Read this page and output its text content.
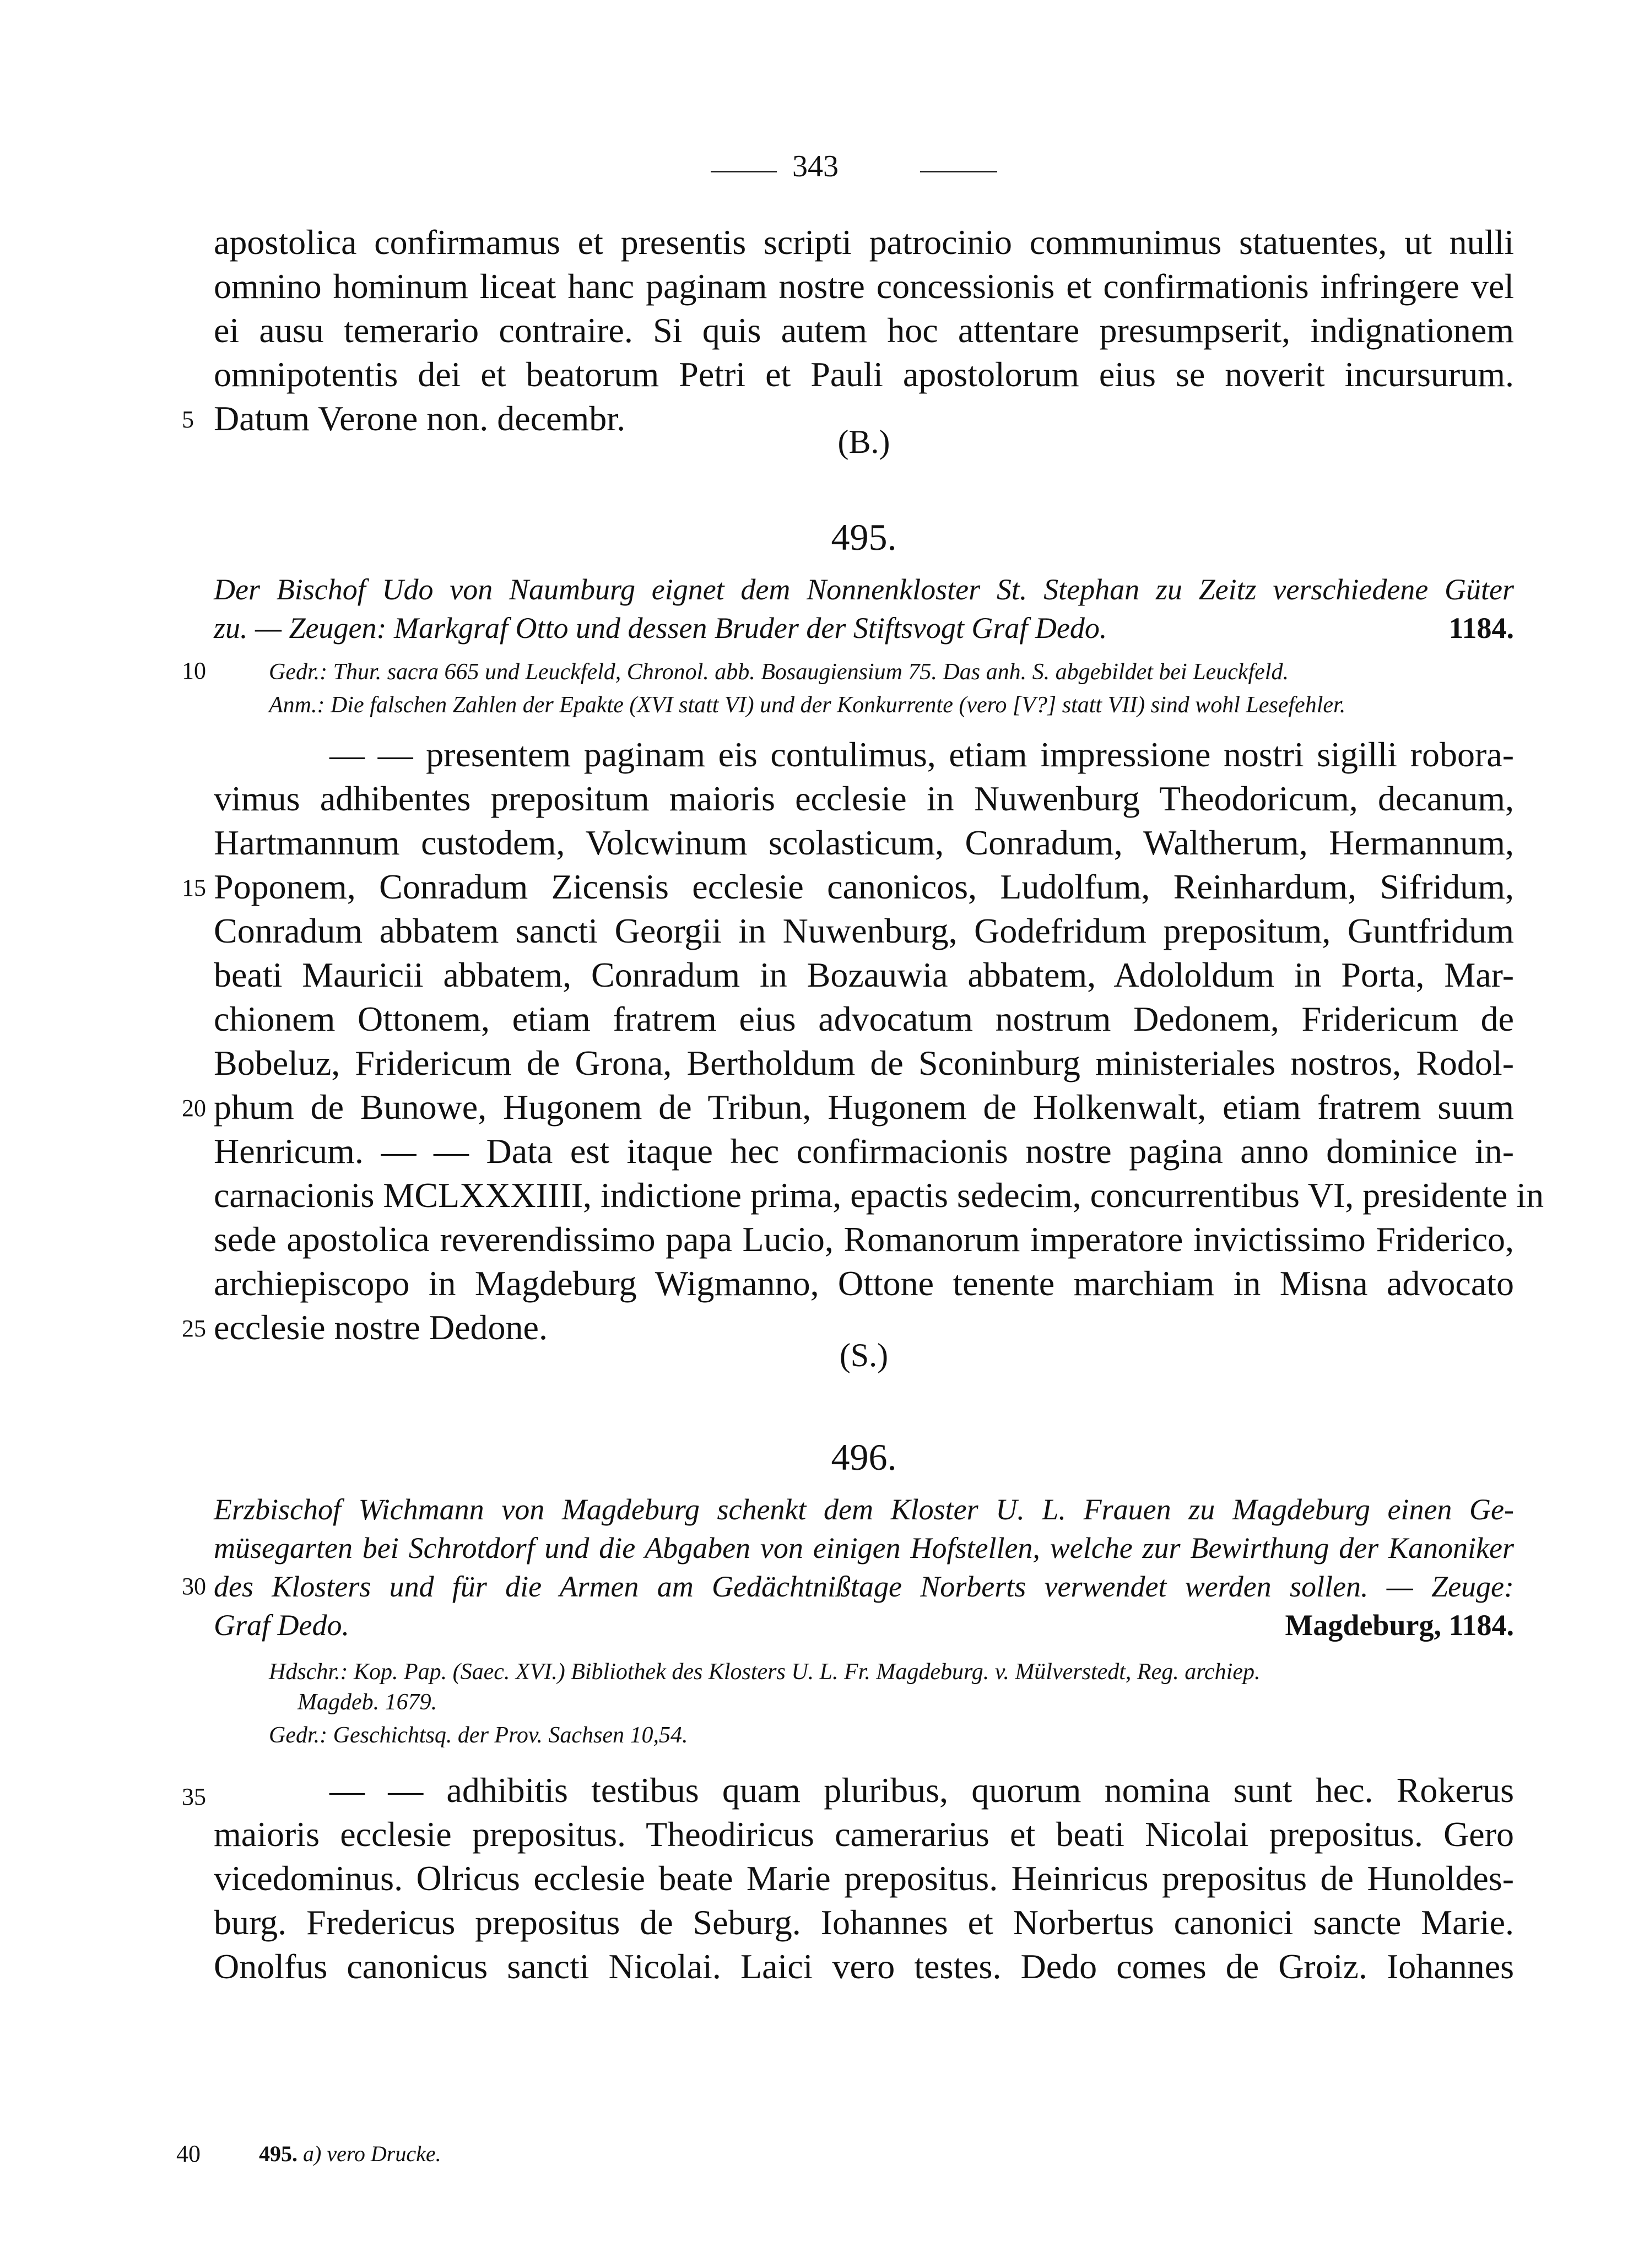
343
apostolica confirmamus et presentis scripti patrocinio communimus statuentes, ut nulli
omnino hominum liceat hanc paginam nostre concessionis et confirmationis infringere vel
ei ausu temerario contraire. Si quis autem hoc attentare presumpserit, indignationem
omnipotentis dei et beatorum Petri et Pauli apostolorum eius se noverit incursurum.
5 Datum Verone non. decembr.
(B.)
495.
Der Bischof Udo von Naumburg eignet dem Nonnenkloster St. Stephan zu Zeitz verschiedene Güter
zu. — Zeugen: Markgraf Otto und dessen Bruder der Stiftsvogt Graf Dedo.	1184.
10	Gedr.: Thur. sacra 665 und Leuckfeld, Chronol. abb. Bosaugiensium 75. Das anh. S. abgebildet bei Leuckfeld.
Anm.: Die falschen Zahlen der Epakte (XVI statt VI) und der Konkurrente (vero [V?] statt VII) sind wohl Lesefehler.
— — presentem paginam eis contulimus, etiam impressione nostri sigilli robora-
vimus adhibentes prepositum maioris ecclesie in Nuwenburg Theodoricum, decanum,
Hartmannum custodem, Volcwinum scolasticum, Conradum, Waltherum, Hermannum,
15 Poponem, Conradum Zicensis ecclesie canonicos, Ludolfum, Reinhardum, Sifridum,
Conradum abbatem sancti Georgii in Nuwenburg, Godefridum prepositum, Guntfridum
beati Mauricii abbatem, Conradum in Bozauwia abbatem, Adololdum in Porta, Mar-
chionem Ottonem, etiam fratrem eius advocatum nostrum Dedonem, Fridericum de
Bobeluz, Fridericum de Grona, Bertholdum de Sconinburg ministeriales nostros, Rodol-
20 phum de Bunowe, Hugonem de Tribun, Hugonem de Holkenwalt, etiam fratrem suum
Henricum. — — Data est itaque hec confirmacionis nostre pagina anno dominice in-
carnacionis MCLXXXIIII, indictione prima, epactis sedecim, concurrentibus VI, presidente in
sede apostolica reverendissimo papa Lucio, Romanorum imperatore invictissimo Friderico,
archiepiscopo in Magdeburg Wigmanno, Ottone tenente marchiam in Misna advocato
25 ecclesie nostre Dedone.
(S.)
496.
Erzbischof Wichmann von Magdeburg schenkt dem Kloster U. L. Frauen zu Magdeburg einen Ge-
müsegarten bei Schrotdorf und die Abgaben von einigen Hofstellen, welche zur Bewirthung der Kanoniker
30 des Klosters und für die Armen am Gedächtnißtage Norberts verwendet werden sollen. — Zeuge:
Graf Dedo.	Magdeburg, 1184.
Hdschr.: Kop. Pap. (Saec. XVI.) Bibliothek des Klosters U. L. Fr. Magdeburg. v. Mülverstedt, Reg. archiep.
Magdeb. 1679.
Gedr.: Geschichtsq. der Prov. Sachsen 10,54.
35	— — adhibitis testibus quam pluribus, quorum nomina sunt hec. Rokerus
maioris ecclesie prepositus. Theodiricus camerarius et beati Nicolai prepositus. Gero
vicedominus. Olricus ecclesie beate Marie prepositus. Heinricus prepositus de Hunoldes-
burg. Fredericus prepositus de Seburg. Iohannes et Norbertus canonici sancte Marie.
Onolfus canonicus sancti Nicolai. Laici vero testes. Dedo comes de Groiz. Iohannes
40	495. a) vero Drucke.
